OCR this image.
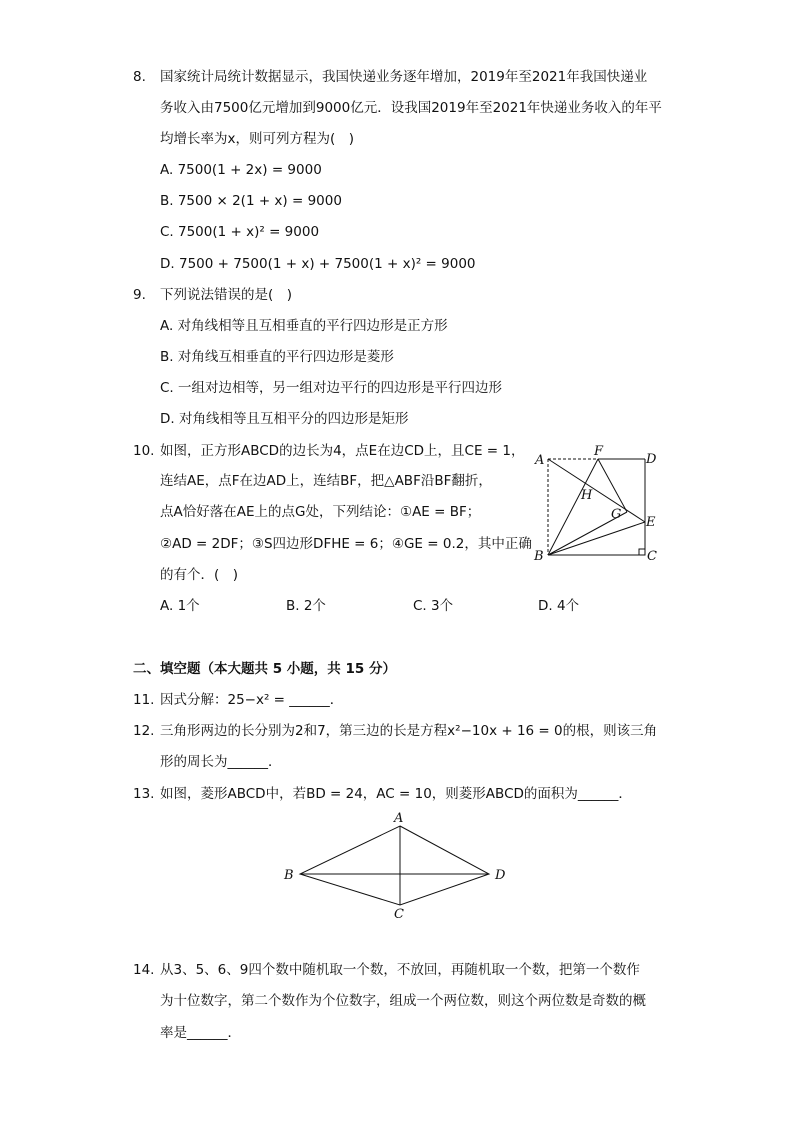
8. 国家统计局统计数据显示，我国快递业务逐年增加，2019年至2021年我国快递业
务收入由7500亿元增加到9000亿元．设我国2019年至2021年快递业务收入的年平
均增长率为x，则可列方程为(　)
A. 7500(1 + 2x) = 9000
B. 7500 × 2(1 + x) = 9000
C. 7500(1 + x)² = 9000
D. 7500 + 7500(1 + x) + 7500(1 + x)² = 9000
9. 下列说法错误的是(　)
A. 对角线相等且互相垂直的平行四边形是正方形
B. 对角线互相垂直的平行四边形是菱形
C. 一组对边相等，另一组对边平行的四边形是平行四边形
D. 对角线相等且互相平分的四边形是矩形
10. 如图，正方形ABCD的边长为4，点E在边CD上，且CE = 1，
连结AE，点F在边AD上，连结BF，把△ABF沿BF翻折，
点A恰好落在AE上的点G处，下列结论：①AE = BF；
②AD = 2DF；③S四边形DFHE = 6；④GE = 0.2，其中正确
的有个．(　)
A. 1个	B. 2个	C. 3个	D. 4个
A
F
D
H
G
E
B	C
二、填空题（本大题共 5 小题，共 15 分）
11. 因式分解：25−x² = ______．
12. 三角形两边的长分别为2和7，第三边的长是方程x²−10x + 16 = 0的根，则该三角
形的周长为______．
13. 如图，菱形ABCD中，若BD = 24，AC = 10，则菱形ABCD的面积为______．
A
B	D
C
14. 从3、5、6、9四个数中随机取一个数，不放回，再随机取一个数，把第一个数作
为十位数字，第二个数作为个位数字，组成一个两位数，则这个两位数是奇数的概
率是______．
